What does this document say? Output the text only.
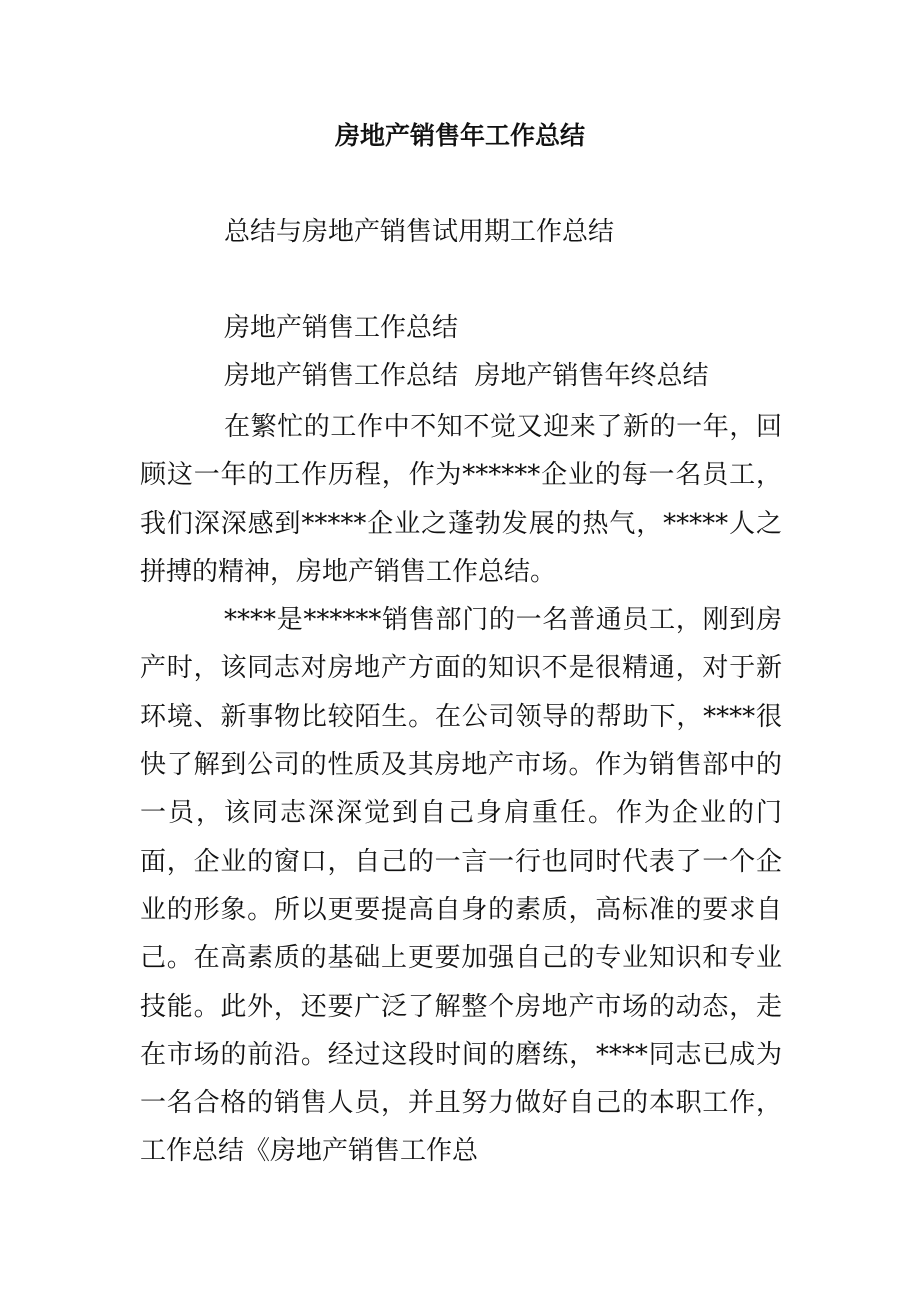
房地产销售年工作总结
总结与房地产销售试用期工作总结
房地产销售工作总结
房地产销售工作总结  房地产销售年终总结

在繁忙的工作中不知不觉又迎来了新的一年，回顾这一年的工作历程，作为******企业的每一名员工，我们深深感到*****企业之蓬勃发展的热气，*****人之拼搏的精神，房地产销售工作总结。

****是******销售部门的一名普通员工，刚到房产时，该同志对房地产方面的知识不是很精通，对于新环境、新事物比较陌生。在公司领导的帮助下，****很快了解到公司的性质及其房地产市场。作为销售部中的一员，该同志深深觉到自己身肩重任。作为企业的门面，企业的窗口，自己的一言一行也同时代表了一个企业的形象。所以更要提高自身的素质，高标准的要求自己。在高素质的基础上更要加强自己的专业知识和专业技能。此外，还要广泛了解整个房地产市场的动态，走在市场的前沿。经过这段时间的磨练，****同志已成为一名合格的销售人员，并且努力做好自己的本职工作，工作总结《房地产销售工作总
